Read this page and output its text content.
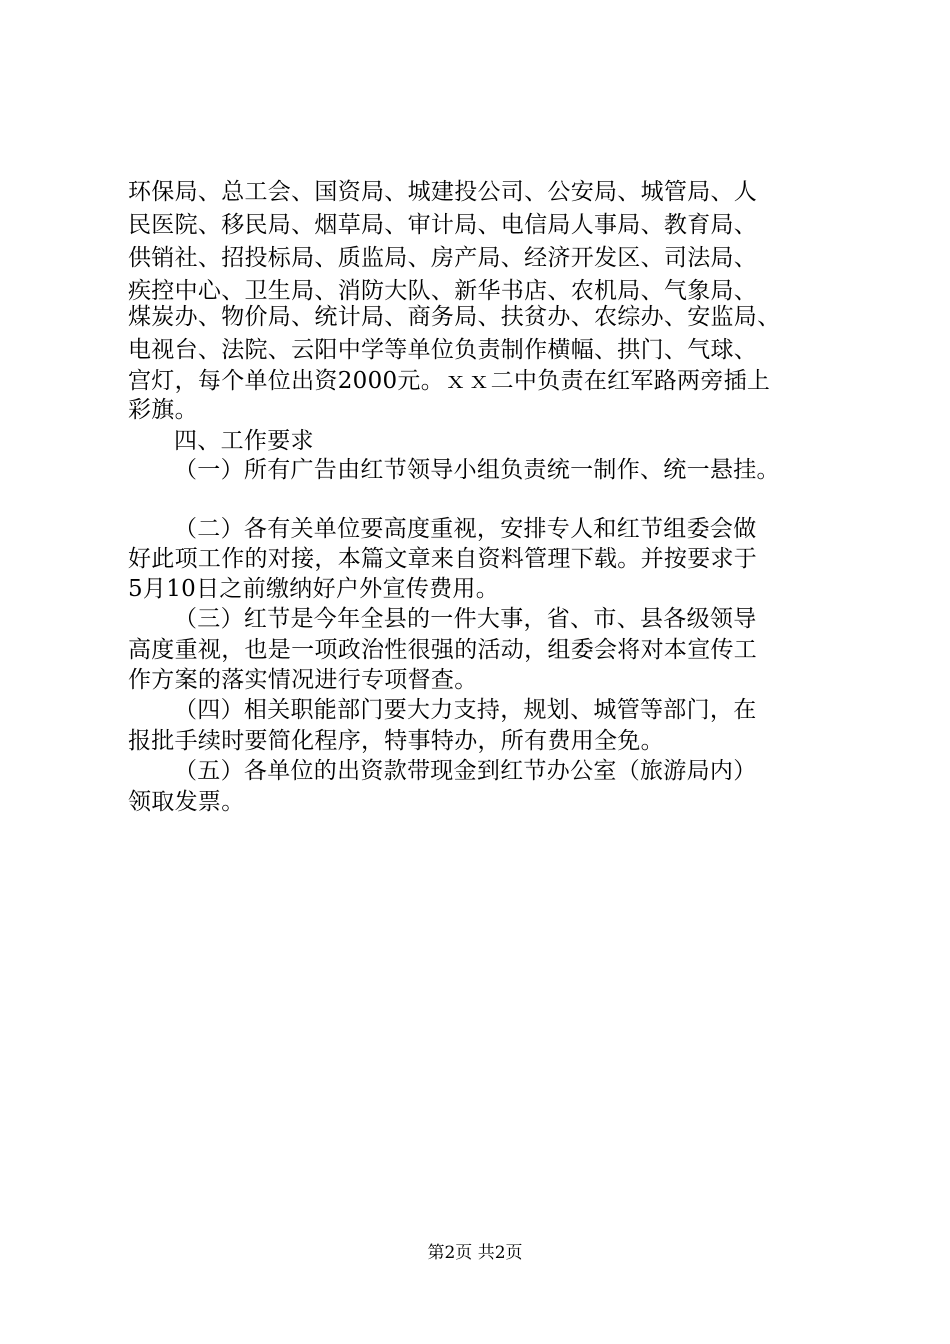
环保局、总工会、国资局、城建投公司、公安局、城管局、人
民医院、移民局、烟草局、审计局、电信局人事局、教育局、
供销社、招投标局、质监局、房产局、经济开发区、司法局、
疾控中心、卫生局、消防大队、新华书店、农机局、气象局、
煤炭办、物价局、统计局、商务局、扶贫办、农综办、安监局、
电视台、法院、云阳中学等单位负责制作横幅、拱门、气球、
宫灯，每个单位出资2000元。ｘｘ二中负责在红军路两旁插上
彩旗。
四、工作要求
（一）所有广告由红节领导小组负责统一制作、统一悬挂。
（二）各有关单位要高度重视，安排专人和红节组委会做
好此项工作的对接，本篇文章来自资料管理下载。并按要求于
5月10日之前缴纳好户外宣传费用。
（三）红节是今年全县的一件大事，省、市、县各级领导
高度重视，也是一项政治性很强的活动，组委会将对本宣传工
作方案的落实情况进行专项督查。
（四）相关职能部门要大力支持，规划、城管等部门，在
报批手续时要简化程序，特事特办，所有费用全免。
（五）各单位的出资款带现金到红节办公室（旅游局内）
领取发票。
第2页 共2页
